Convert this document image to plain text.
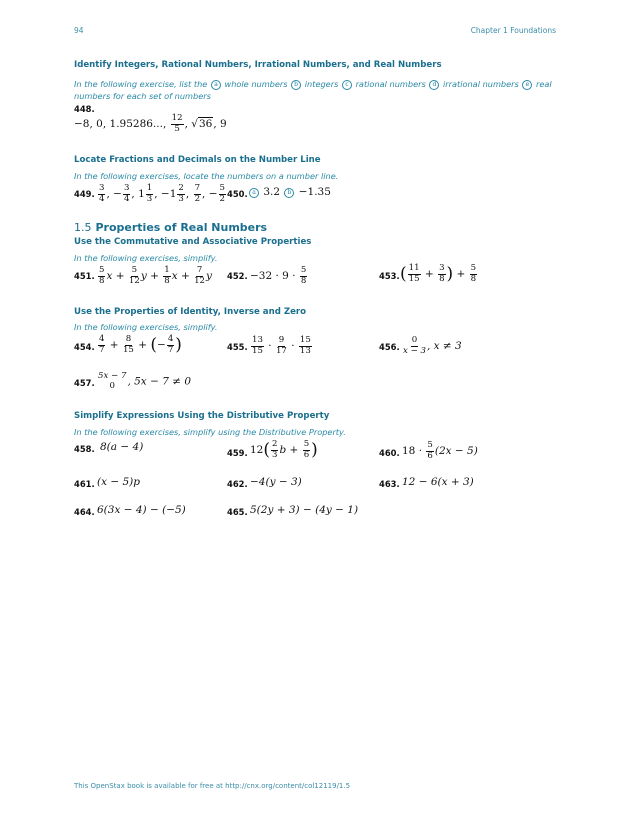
94	Chapter 1 Foundations
Identify Integers, Rational Numbers, Irrational Numbers, and Real Numbers
In the following exercise, list the a whole numbers b integers c rational numbers d irrational numbers e real numbers for each set of numbers
448.
−8, 0, 1.95286..., $\frac{12}{5}$ , √36, 9
Locate Fractions and Decimals on the Number Line
In the following exercises, locate the numbers on a number line.
449. $\frac{3}{4}$ , − $\frac{3}{4}$ , $1 \frac{1}{3}$ , $-1 \frac{2}{3}$ , $\frac{7}{2}$ , − $\frac{5}{2} 450$. a 3.2 b −1.35
1.5 Properties of Real Numbers
Use the Commutative and Associative Properties
In the following exercises, simplify.
451. $\frac{5}{8}$ $x + \frac{5}{12}$ $y + \frac{1}{8}$ $x + \frac{7}{12}$ y 452. $-32 \cdot 9 \cdot \frac{5}{8}$	453. ( $\frac{11}{15} + \frac{3}{8}$ ) + $\frac{5}{8}$
Use the Properties of Identity, Inverse and Zero
In the following exercises, simplify.
454. $\frac{4}{7} + \frac{8}{15}$ + (− $\frac{4}{7}$ )	455. $\frac{13}{15} \cdot \frac{9}{17} \cdot \frac{15}{13}$	456. $\frac{0}{x - 3}$ , x ≠ 3
457.
5x − 7
0 , 5x − 7 ≠ 0
Simplify Expressions Using the Distributive Property
In the following exercises, simplify using the Distributive Property.
458. 8(a − 4)	459. $12( \frac{2}{3}$ $b + \frac{5}{6}$ )	460. $18 \cdot \frac{5}{6} (2x - 5)$
461. (x − 5)p	462. −4(y − 3)	463. 12 − 6(x + 3)
464. 6(3x − 4) − (−5)	465. 5(2y + 3) − (4y − 1)
This OpenStax book is available for free at http://cnx.org/content/col12119/1.5
